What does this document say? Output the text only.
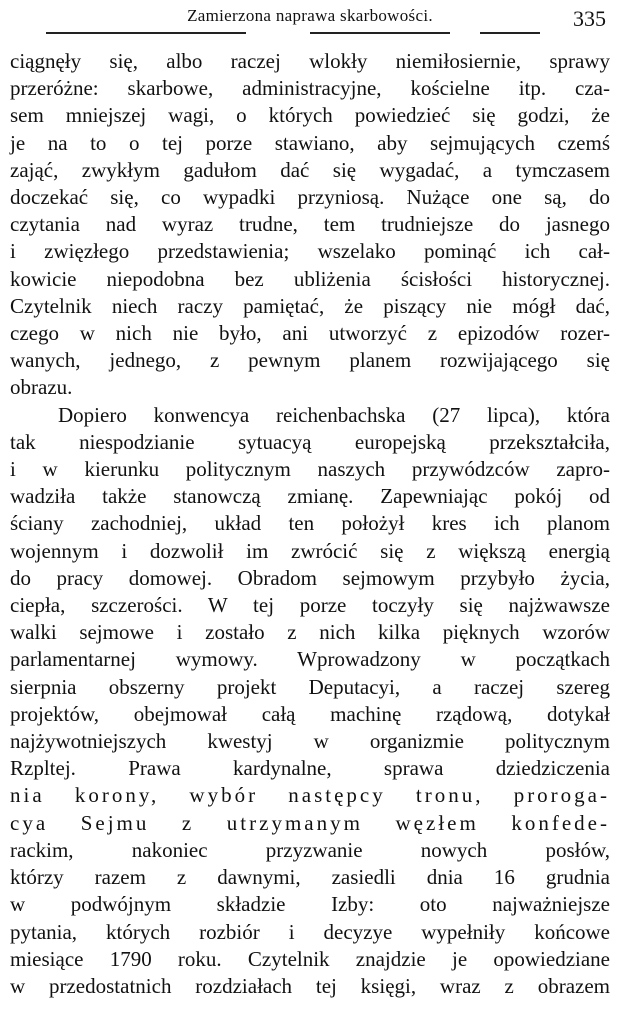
Zamierzona naprawa skarbowości.	335
ciągnęły się, albo raczej wlokły niemiłosiernie, sprawy
przeróżne: skarbowe, administracyjne, kościelne itp. cza-
sem mniejszej wagi, o których powiedzieć się godzi, że
je na to o tej porze stawiano, aby sejmujących czemś
zająć, zwykłym gadułom dać się wygadać, a tymczasem
doczekać się, co wypadki przyniosą. Nużące one są, do
czytania nad wyraz trudne, tem trudniejsze do jasnego
i zwięzłego przedstawienia; wszelako pominąć ich cał-
kowicie niepodobna bez ubliżenia ścisłości historycznej.
Czytelnik niech raczy pamiętać, że piszący nie mógł dać,
czego w nich nie było, ani utworzyć z epizodów rozer-
wanych, jednego, z pewnym planem rozwijającego się
obrazu.
Dopiero konwencya reichenbachska (27 lipca), która
tak niespodzianie sytuacyą europejską przekształciła,
i w kierunku politycznym naszych przywódzców zapro-
wadziła także stanowczą zmianę. Zapewniając pokój od
ściany zachodniej, układ ten położył kres ich planom
wojennym i dozwolił im zwrócić się z większą energią
do pracy domowej. Obradom sejmowym przybyło życia,
ciepła, szczerości. W tej porze toczyły się najżwawsze
walki sejmowe i zostało z nich kilka pięknych wzorów
parlamentarnej wymowy. Wprowadzony w początkach
sierpnia obszerny projekt Deputacyi, a raczej szereg
projektów, obejmował całą machinę rządową, dotykał
najżywotniejszych kwestyj w organizmie politycznym
Rzpltej. Prawa kardynalne, sprawa dziedziczenia
nia korony, wybór następcy tronu, proroga-
cya Sejmu z utrzymanym węzłem konfede-
rackim, nakoniec przyzwanie nowych posłów,
którzy razem z dawnymi, zasiedli dnia 16 grudnia
w podwójnym składzie Izby: oto najważniejsze
pytania, których rozbiór i decyzye wypełniły końcowe
miesiące 1790 roku. Czytelnik znajdzie je opowiedziane
w przedostatnich rozdziałach tej księgi, wraz z obrazem
